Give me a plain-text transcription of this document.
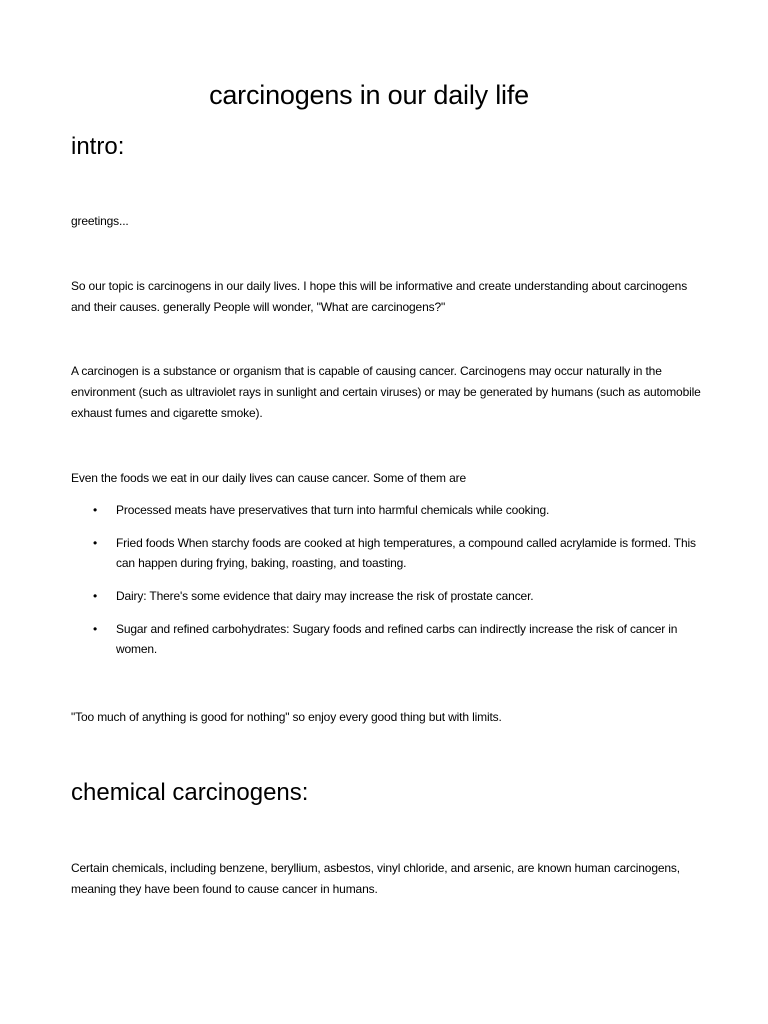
carcinogens in our daily life
intro:

greetings...

So our topic is carcinogens in our daily lives. I hope this will be informative and create understanding about carcinogens and their causes. generally People will wonder, "What are carcinogens?"

A carcinogen is a substance or organism that is capable of causing cancer. Carcinogens may occur naturally in the environment (such as ultraviolet rays in sunlight and certain viruses) or may be generated by humans (such as automobile exhaust fumes and cigarette smoke).

Even the foods we eat in our daily lives can cause cancer. Some of them are

• Processed meats have preservatives that turn into harmful chemicals while cooking.
• Fried foods When starchy foods are cooked at high temperatures, a compound called acrylamide is formed. This can happen during frying, baking, roasting, and toasting.
• Dairy: There's some evidence that dairy may increase the risk of prostate cancer.
• Sugar and refined carbohydrates: Sugary foods and refined carbs can indirectly increase the risk of cancer in women.

"Too much of anything is good for nothing" so enjoy every good thing but with limits.

chemical carcinogens:

Certain chemicals, including benzene, beryllium, asbestos, vinyl chloride, and arsenic, are known human carcinogens, meaning they have been found to cause cancer in humans.
